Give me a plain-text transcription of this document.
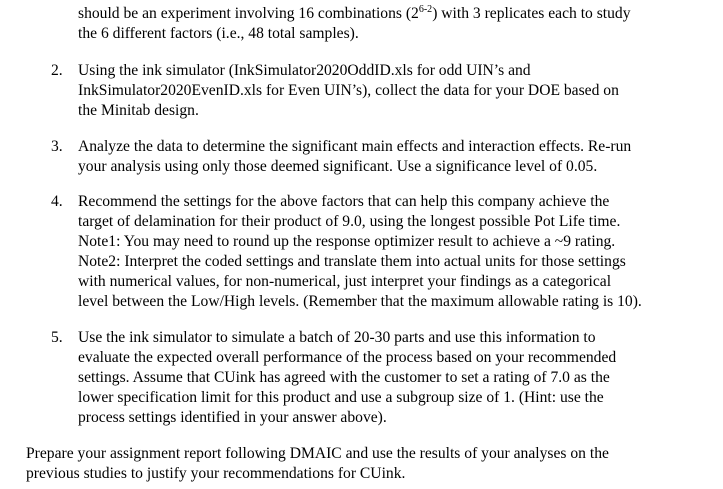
should be an experiment involving 16 combinations (2$^{6-2}$) with 3 replicates each to study
the 6 different factors (i.e., 48 total samples).

2. Using the ink simulator (InkSimulator2020OddID.xls for odd UIN’s and
InkSimulator2020EvenID.xls for Even UIN’s), collect the data for your DOE based on
the Minitab design.

3. Analyze the data to determine the significant main effects and interaction effects. Re-run
your analysis using only those deemed significant. Use a significance level of 0.05.

4. Recommend the settings for the above factors that can help this company achieve the
target of delamination for their product of 9.0, using the longest possible Pot Life time.
Note1: You may need to round up the response optimizer result to achieve a ~9 rating.
Note2: Interpret the coded settings and translate them into actual units for those settings
with numerical values, for non-numerical, just interpret your findings as a categorical
level between the Low/High levels. (Remember that the maximum allowable rating is 10).

5. Use the ink simulator to simulate a batch of 20-30 parts and use this information to
evaluate the expected overall performance of the process based on your recommended
settings. Assume that CUink has agreed with the customer to set a rating of 7.0 as the
lower specification limit for this product and use a subgroup size of 1. (Hint: use the
process settings identified in your answer above).

Prepare your assignment report following DMAIC and use the results of your analyses on the
previous studies to justify your recommendations for CUink.
